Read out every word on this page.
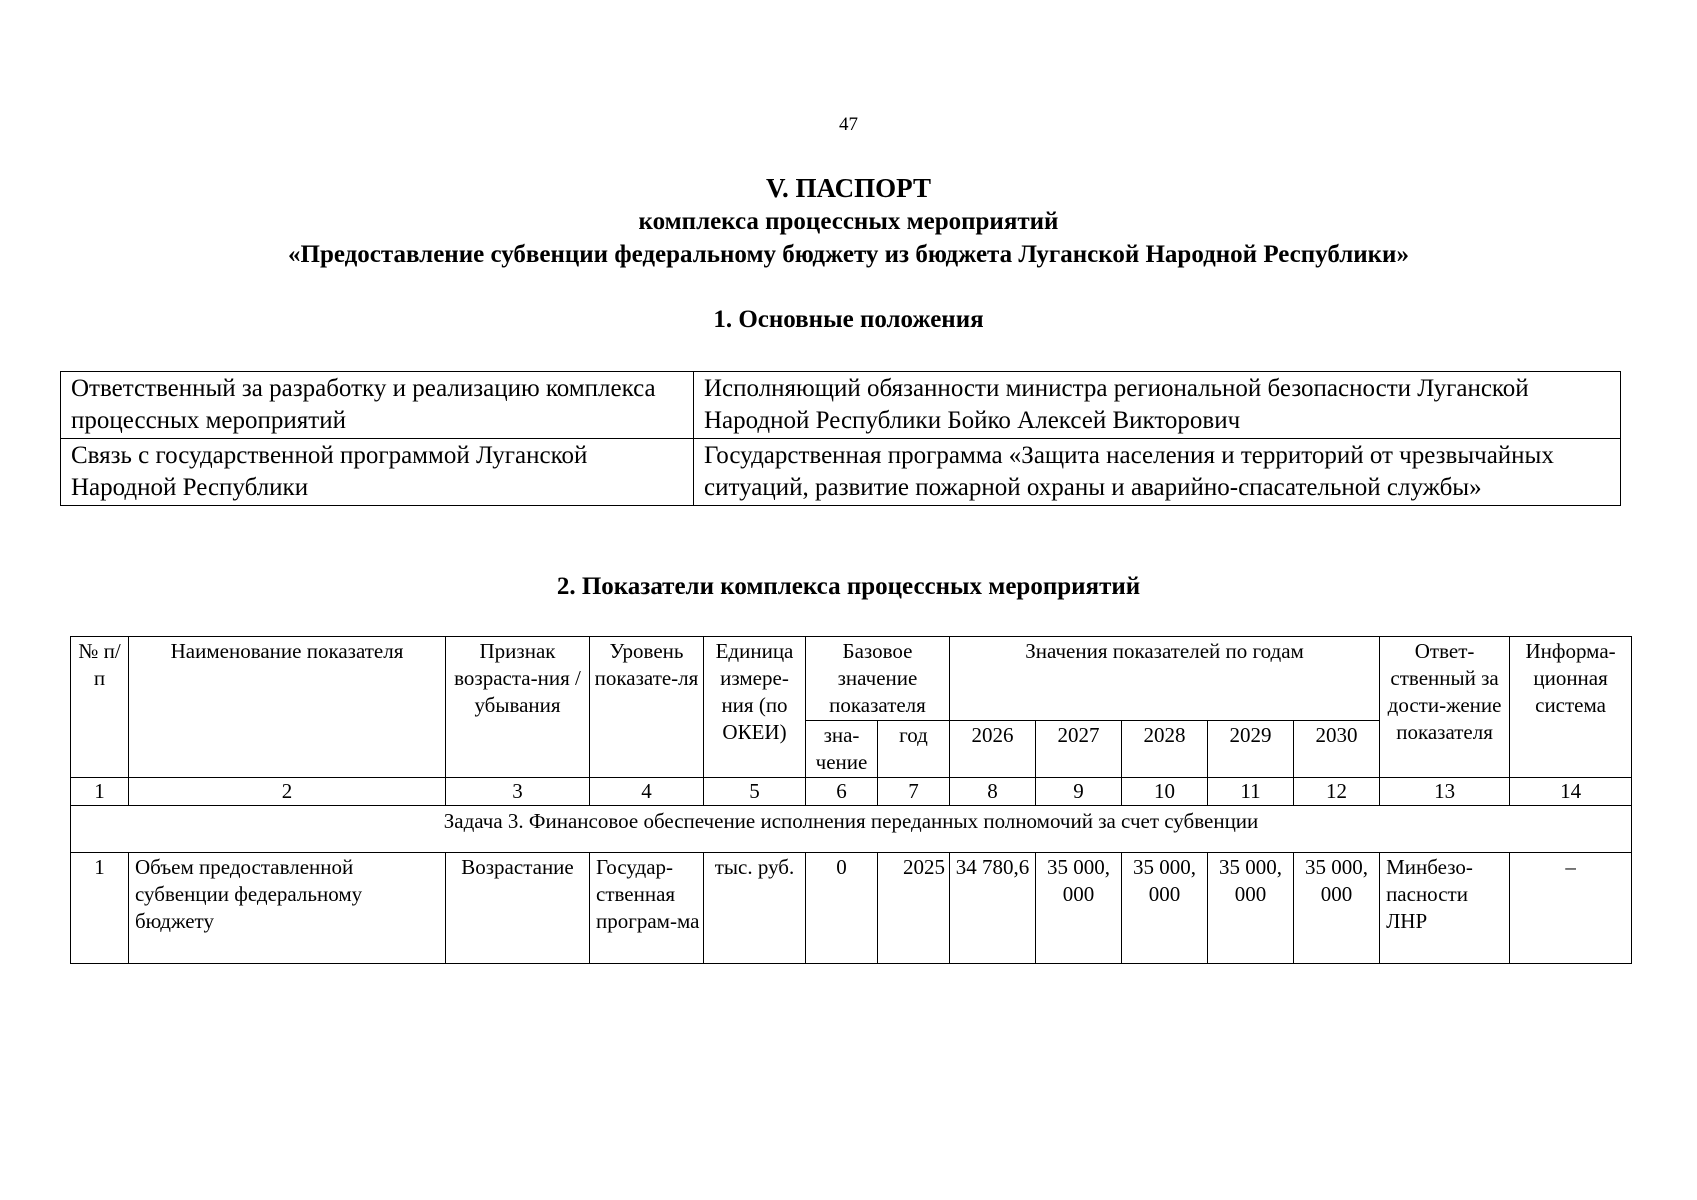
47
V. ПАСПОРТ
комплекса процессных мероприятий
«Предоставление субвенции федеральному бюджету из бюджета Луганской Народной Республики»
1. Основные положения
Ответственный за разработку и реализацию комплекса процессных мероприятий	Исполняющий обязанности министра региональной безопасности Луганской Народной Республики Бойко Алексей Викторович
Связь с государственной программой Луганской Народной Республики	Государственная программа «Защита населения и территорий от чрезвычайных ситуаций, развитие пожарной охраны и аварийно-спасательной службы»
2. Показатели комплекса процессных мероприятий
№ п/п	Наименование показателя	Признак возраста-ния / убывания	Уровень показате-ля	Единица измере-ния (по ОКЕИ)	Базовое значение показателя		Значения показателей по годам					Ответ-ственный за дости-жение показателя	Информа-ционная система
					зна-чение	год	2026	2027	2028	2029	2030		
1	2	3	4	5	6	7	8	9	10	11	12	13	14
Задача 3. Финансовое обеспечение исполнения переданных полномочий за счет субвенции													
1	Объем предоставленной субвенции федеральному бюджету	Возрастание	Государ-ственная програм-ма	тыс. руб.	0	2025	34 780,6	35 000, 000	35 000, 000	35 000, 000	35 000, 000	Минбезо-пасности ЛНР	–
